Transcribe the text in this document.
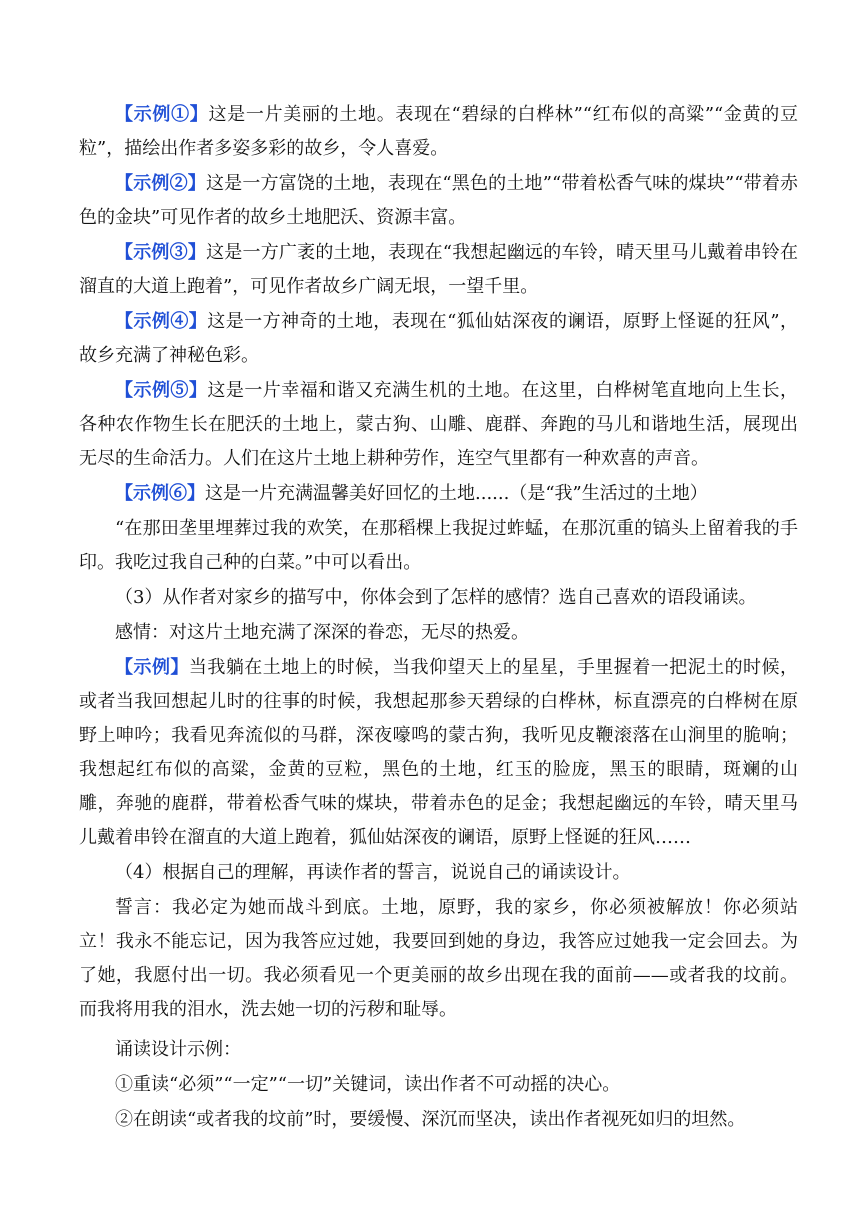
【示例①】这是一片美丽的土地。表现在“碧绿的白桦林”“红布似的高粱”“金黄的豆粒”，描绘出作者多姿多彩的故乡，令人喜爱。

【示例②】这是一方富饶的土地，表现在“黑色的土地”“带着松香气味的煤块”“带着赤色的金块”可见作者的故乡土地肥沃、资源丰富。

【示例③】这是一方广袤的土地，表现在“我想起幽远的车铃，晴天里马儿戴着串铃在溜直的大道上跑着”，可见作者故乡广阔无垠，一望千里。

【示例④】这是一方神奇的土地，表现在“狐仙姑深夜的谰语，原野上怪诞的狂风”，故乡充满了神秘色彩。

【示例⑤】这是一片幸福和谐又充满生机的土地。在这里，白桦树笔直地向上生长，各种农作物生长在肥沃的土地上，蒙古狗、山雕、鹿群、奔跑的马儿和谐地生活，展现出无尽的生命活力。人们在这片土地上耕种劳作，连空气里都有一种欢喜的声音。

【示例⑥】这是一片充满温馨美好回忆的土地......（是“我”生活过的土地）

“在那田垄里埋葬过我的欢笑，在那稻棵上我捉过蚱蜢，在那沉重的镐头上留着我的手印。我吃过我自己种的白菜。”中可以看出。

（3）从作者对家乡的描写中，你体会到了怎样的感情？选自己喜欢的语段诵读。

感情：对这片土地充满了深深的眷恋，无尽的热爱。

【示例】当我躺在土地上的时候，当我仰望天上的星星，手里握着一把泥土的时候，或者当我回想起儿时的往事的时候，我想起那参天碧绿的白桦林，标直漂亮的白桦树在原野上呻吟；我看见奔流似的马群，深夜嚎鸣的蒙古狗，我听见皮鞭滚落在山涧里的脆响；我想起红布似的高粱，金黄的豆粒，黑色的土地，红玉的脸庞，黑玉的眼睛，斑斓的山雕，奔驰的鹿群，带着松香气味的煤块，带着赤色的足金；我想起幽远的车铃，晴天里马儿戴着串铃在溜直的大道上跑着，狐仙姑深夜的谰语，原野上怪诞的狂风……

（4）根据自己的理解，再读作者的誓言，说说自己的诵读设计。

誓言：我必定为她而战斗到底。土地，原野，我的家乡，你必须被解放！你必须站立！我永不能忘记，因为我答应过她，我要回到她的身边，我答应过她我一定会回去。为了她，我愿付出一切。我必须看见一个更美丽的故乡出现在我的面前——或者我的坟前。而我将用我的泪水，洗去她一切的污秽和耻辱。

诵读设计示例：

①重读“必须”“一定”“一切”关键词，读出作者不可动摇的决心。

②在朗读“或者我的坟前”时，要缓慢、深沉而坚决，读出作者视死如归的坦然。
